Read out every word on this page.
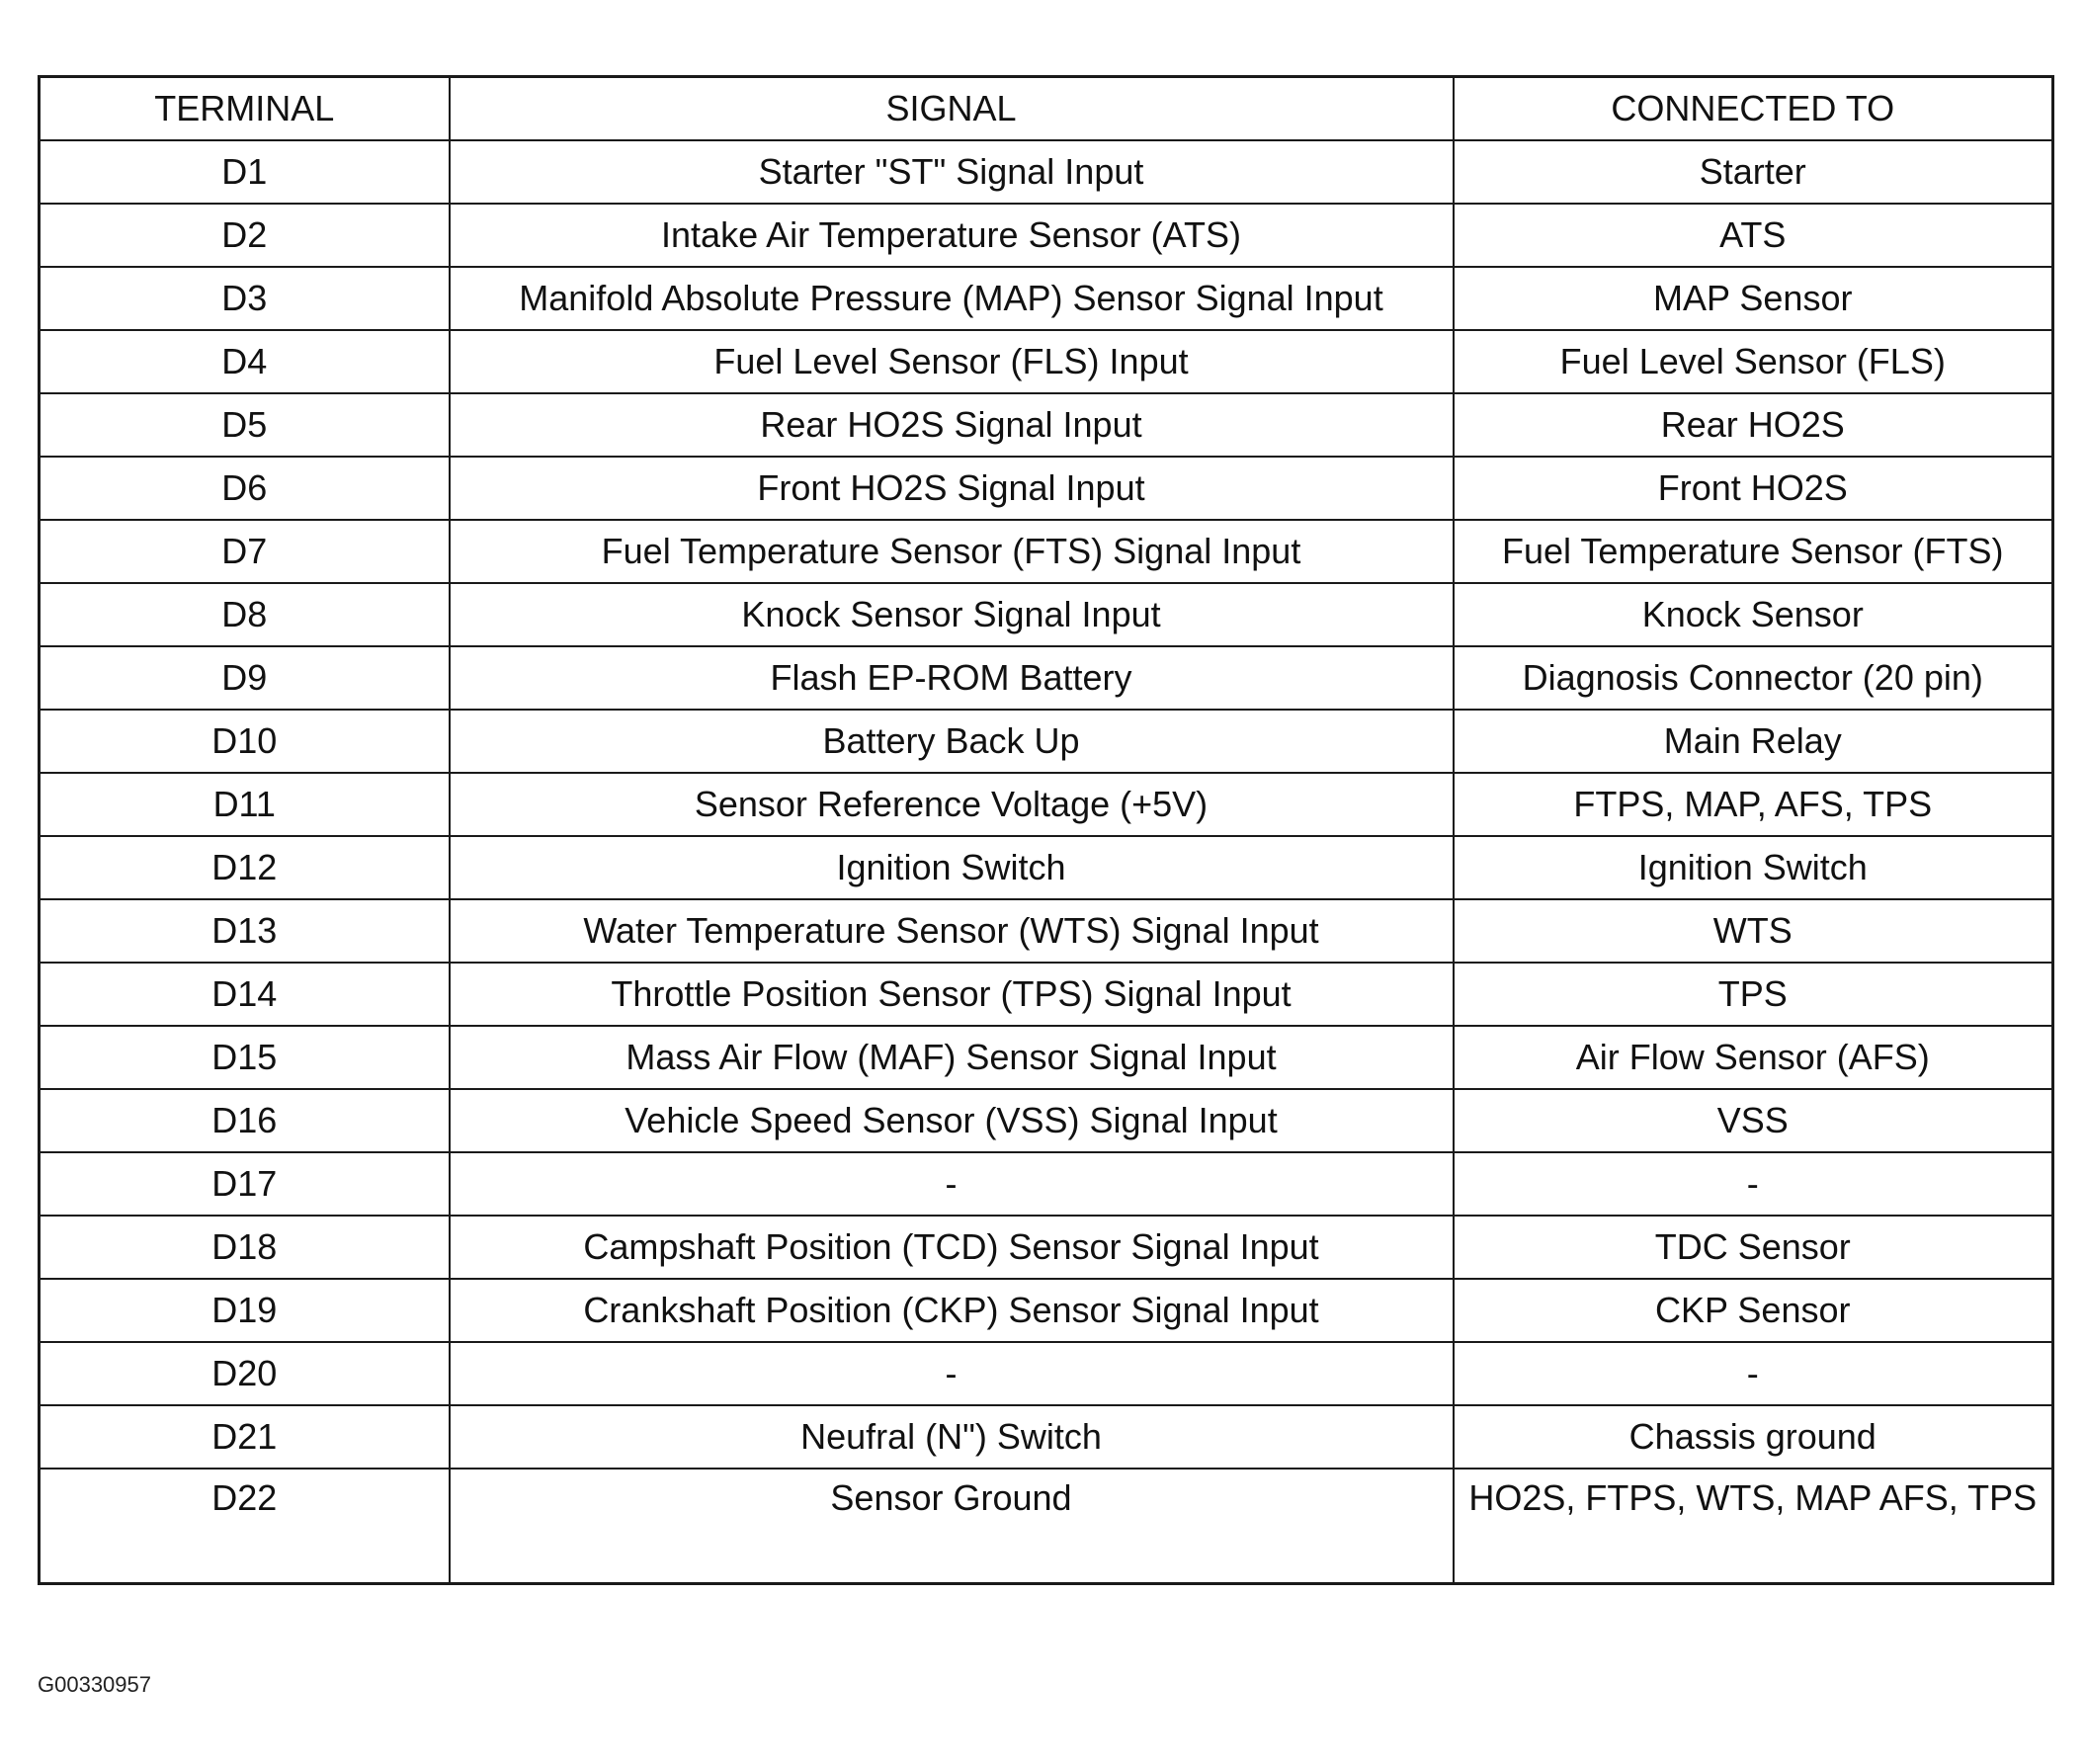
TERMINAL	SIGNAL	CONNECTED TO
D1	Starter "ST" Signal Input	Starter
D2	Intake Air Temperature Sensor (ATS)	ATS
D3	Manifold Absolute Pressure (MAP) Sensor Signal Input	MAP Sensor
D4	Fuel Level Sensor (FLS) Input	Fuel Level Sensor (FLS)
D5	Rear HO2S Signal Input	Rear HO2S
D6	Front HO2S Signal Input	Front HO2S
D7	Fuel Temperature Sensor (FTS) Signal Input	Fuel Temperature Sensor (FTS)
D8	Knock Sensor Signal Input	Knock Sensor
D9	Flash EP-ROM Battery	Diagnosis Connector (20 pin)
D10	Battery Back Up	Main Relay
D11	Sensor Reference Voltage (+5V)	FTPS, MAP, AFS, TPS
D12	Ignition Switch	Ignition Switch
D13	Water Temperature Sensor (WTS) Signal Input	WTS
D14	Throttle Position Sensor (TPS) Signal Input	TPS
D15	Mass Air Flow (MAF) Sensor Signal Input	Air Flow Sensor (AFS)
D16	Vehicle Speed Sensor (VSS) Signal Input	VSS
D17	-	-
D18	Campshaft Position (TCD) Sensor Signal Input	TDC Sensor
D19	Crankshaft Position (CKP) Sensor Signal Input	CKP Sensor
D20	-	-
D21	Neufral (N") Switch	Chassis ground
D22	Sensor Ground	HO2S, FTPS, WTS, MAP AFS, TPS
G00330957
